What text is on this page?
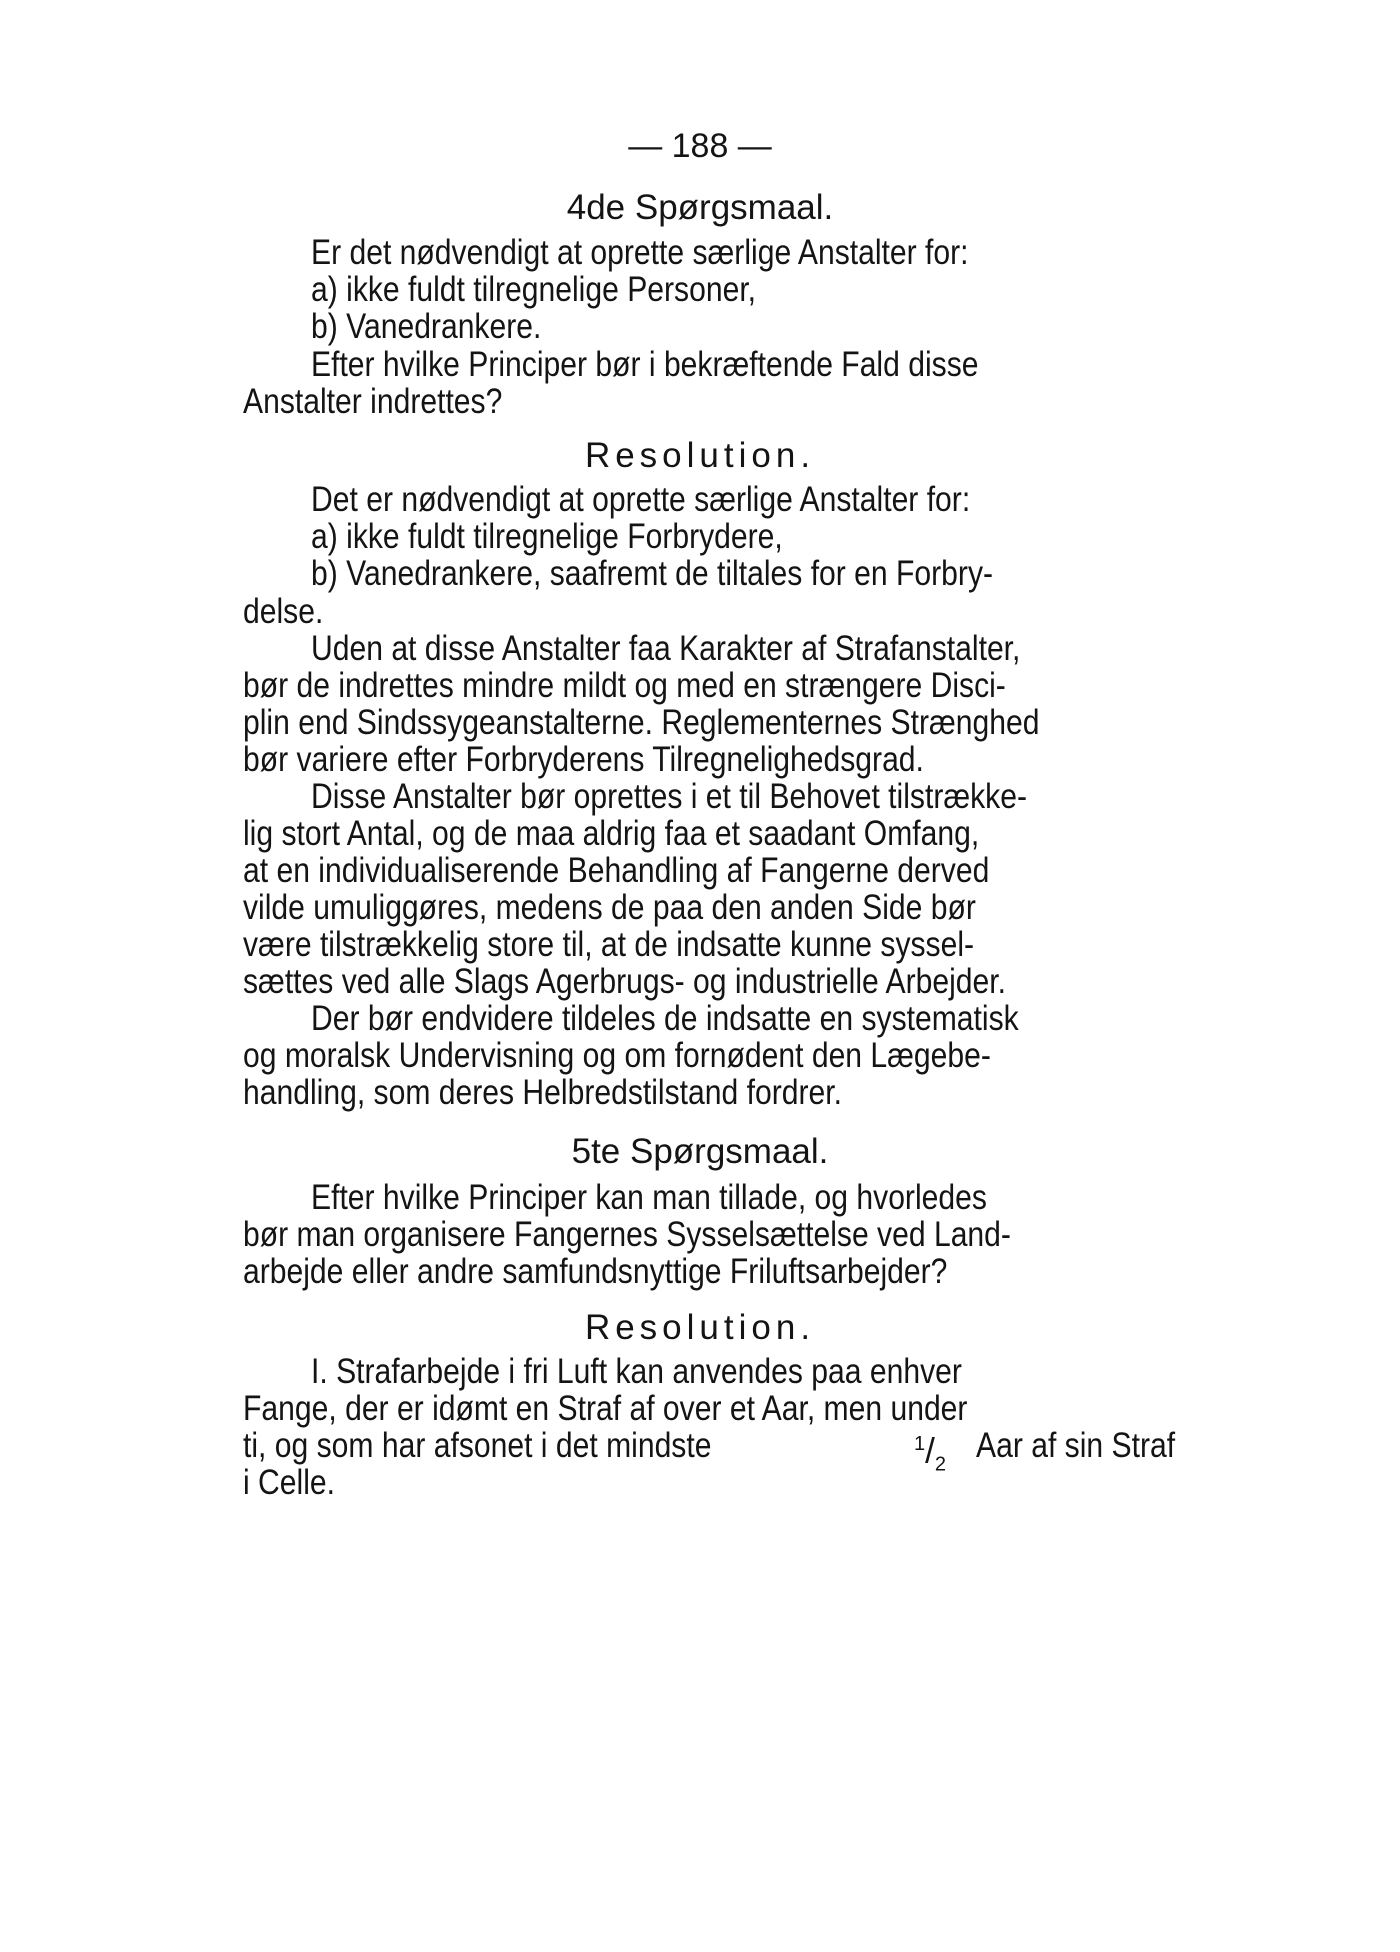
— 188 —
4de Spørgsmaal.
Er det nødvendigt at oprette særlige Anstalter for:
a) ikke fuldt tilregnelige Personer,
b) Vanedrankere.
Efter hvilke Principer bør i bekræftende Fald disse
Anstalter indrettes?
Resolution.
Det er nødvendigt at oprette særlige Anstalter for:
a) ikke fuldt tilregnelige Forbrydere,
b) Vanedrankere, saafremt de tiltales for en Forbry-
delse.
Uden at disse Anstalter faa Karakter af Strafanstalter,
bør de indrettes mindre mildt og med en strængere Disci-
plin end Sindssygeanstalterne. Reglementernes Strænghed
bør variere efter Forbryderens Tilregnelighedsgrad.
Disse Anstalter bør oprettes i et til Behovet tilstrække-
lig stort Antal, og de maa aldrig faa et saadant Omfang,
at en individualiserende Behandling af Fangerne derved
vilde umuliggøres, medens de paa den anden Side bør
være tilstrækkelig store til, at de indsatte kunne syssel-
sættes ved alle Slags Agerbrugs- og industrielle Arbejder.
Der bør endvidere tildeles de indsatte en systematisk
og moralsk Undervisning og om fornødent den Lægebe-
handling, som deres Helbredstilstand fordrer.
5te Spørgsmaal.
Efter hvilke Principer kan man tillade, og hvorledes
bør man organisere Fangernes Sysselsættelse ved Land-
arbejde eller andre samfundsnyttige Friluftsarbejder?
Resolution.
I. Strafarbejde i fri Luft kan anvendes paa enhver
Fange, der er idømt en Straf af over et Aar, men under
ti, og som har afsonet i det mindste	$^1/_2$ Aar af sin Straf
i Celle.
